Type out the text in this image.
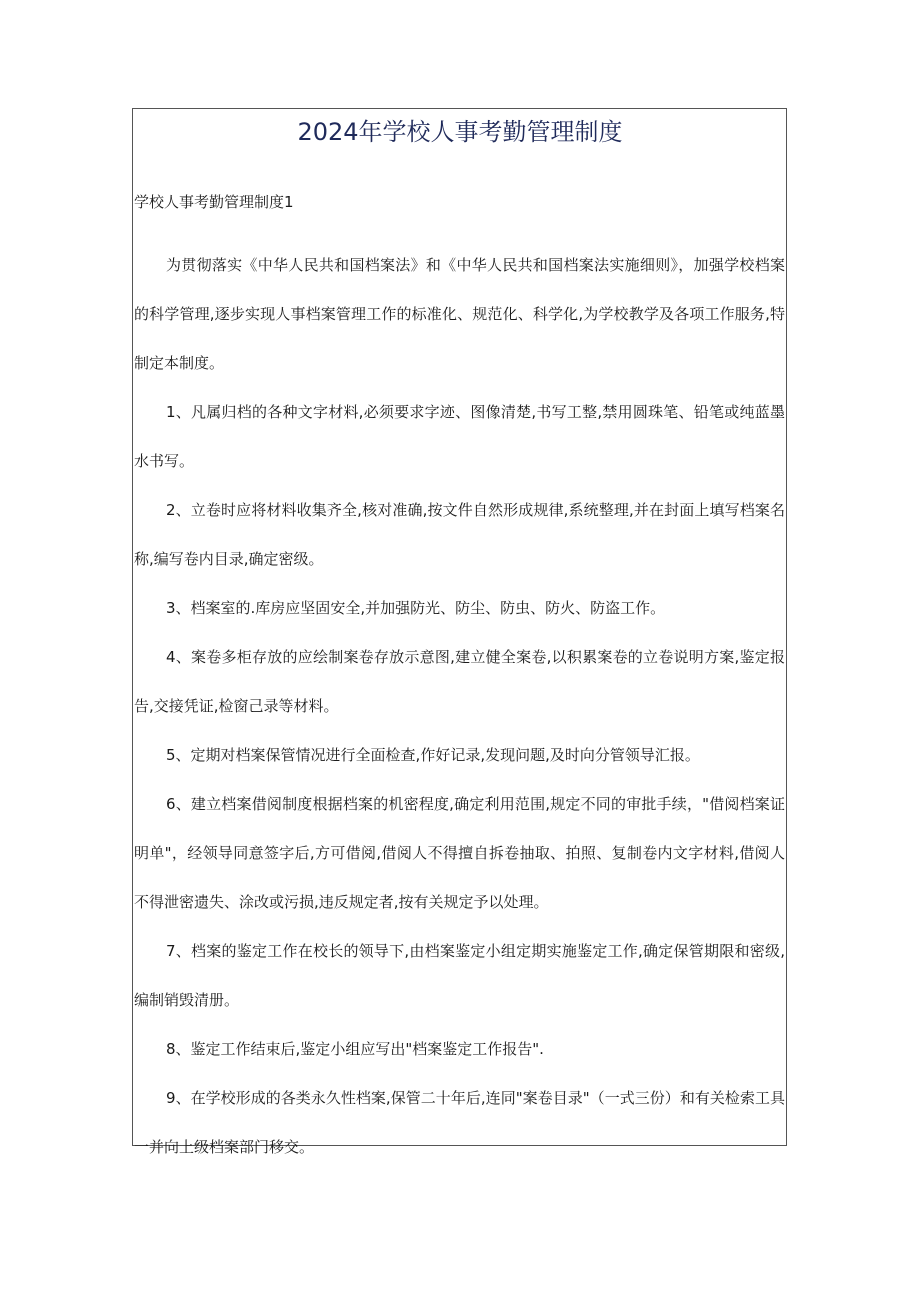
2024年学校人事考勤管理制度

学校人事考勤管理制度1

为贯彻落实《中华人民共和国档案法》和《中华人民共和国档案法实施细则》，加强学校档案的科学管理,逐步实现人事档案管理工作的标准化、规范化、科学化,为学校教学及各项工作服务,特制定本制度。

1、凡属归档的各种文字材料,必须要求字迹、图像清楚,书写工整,禁用圆珠笔、铅笔或纯蓝墨水书写。

2、立卷时应将材料收集齐全,核对准确,按文件自然形成规律,系统整理,并在封面上填写档案名称,编写卷内目录,确定密级。

3、档案室的.库房应坚固安全,并加强防光、防尘、防虫、防火、防盗工作。

4、案卷多柜存放的应绘制案卷存放示意图,建立健全案卷,以积累案卷的立卷说明方案,鉴定报告,交接凭证,检窗己录等材料。

5、定期对档案保管情况进行全面检查,作好记录,发现问题,及时向分管领导汇报。

6、建立档案借阅制度根据档案的机密程度,确定利用范围,规定不同的审批手续，"借阅档案证明单"，经领导同意签字后,方可借阅,借阅人不得擅自拆卷抽取、拍照、复制卷内文字材料,借阅人不得泄密遗失、涂改或污损,违反规定者,按有关规定予以处理。

7、档案的鉴定工作在校长的领导下,由档案鉴定小组定期实施鉴定工作,确定保管期限和密级,编制销毁清册。

8、鉴定工作结束后,鉴定小组应写出"档案鉴定工作报告".

9、在学校形成的各类永久性档案,保管二十年后,连同"案卷目录"（一式三份）和有关检索工具一并向上级档案部门移交。
